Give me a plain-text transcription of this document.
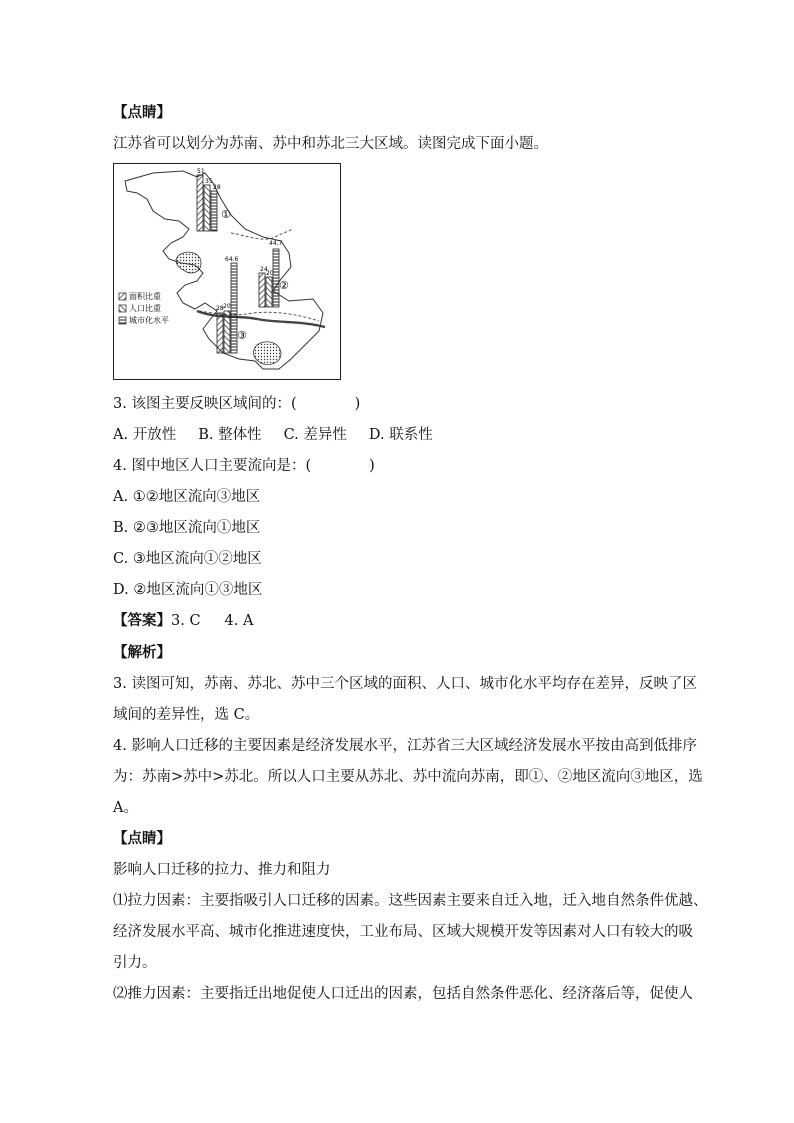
【点睛】
江苏省可以划分为苏南、苏中和苏北三大区域。读图完成下面小题。
51
35
28
①
44.7
24
20
②
64.6
28 20
③
面积比重
人口比重
城市化水平
3. 该图主要反映区域间的：(　　　　)
A. 开放性 B. 整体性 C. 差异性 D. 联系性
4. 图中地区人口主要流向是：(　　　　)
A. ①②地区流向③地区
B. ②③地区流向①地区
C. ③地区流向①②地区
D. ②地区流向①③地区
【答案】3. C 4. A
【解析】
3. 读图可知，苏南、苏北、苏中三个区域的面积、人口、城市化水平均存在差异，反映了区
域间的差异性，选 C。
4. 影响人口迁移的主要因素是经济发展水平，江苏省三大区域经济发展水平按由高到低排序
为：苏南>苏中>苏北。所以人口主要从苏北、苏中流向苏南，即①、②地区流向③地区，选
A。
【点睛】
影响人口迁移的拉力、推力和阻力
⑴拉力因素：主要指吸引人口迁移的因素。这些因素主要来自迁入地，迁入地自然条件优越、
经济发展水平高、城市化推进速度快，工业布局、区域大规模开发等因素对人口有较大的吸
引力。
⑵推力因素：主要指迁出地促使人口迁出的因素，包括自然条件恶化、经济落后等，促使人
